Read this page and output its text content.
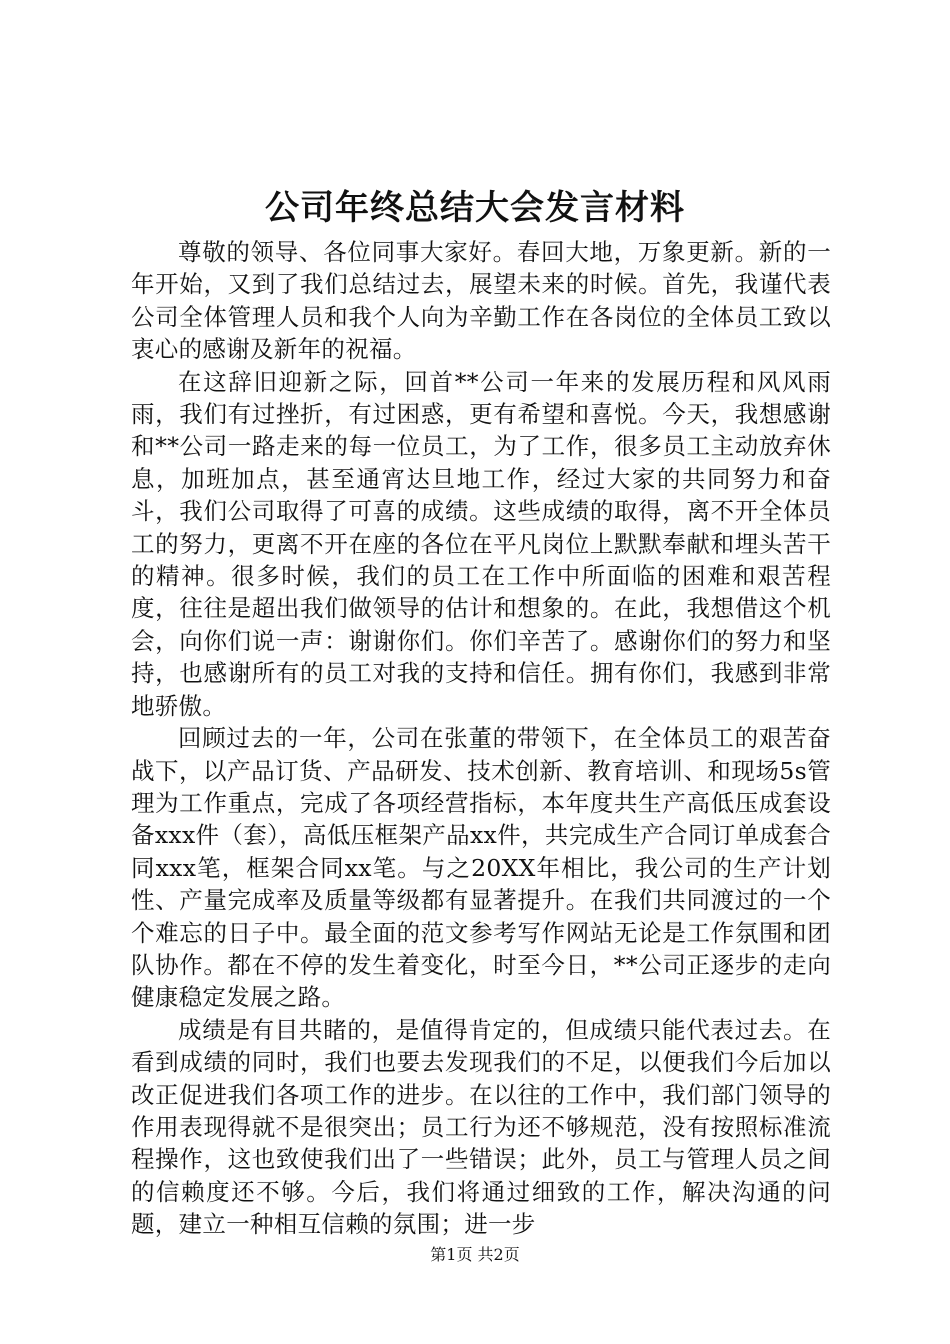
公司年终总结大会发言材料

尊敬的领导、各位同事大家好。春回大地，万象更新。新的一年开始，又到了我们总结过去，展望未来的时候。首先，我谨代表公司全体管理人员和我个人向为辛勤工作在各岗位的全体员工致以衷心的感谢及新年的祝福。

在这辞旧迎新之际，回首**公司一年来的发展历程和风风雨雨，我们有过挫折，有过困惑，更有希望和喜悦。今天，我想感谢和**公司一路走来的每一位员工，为了工作，很多员工主动放弃休息，加班加点，甚至通宵达旦地工作，经过大家的共同努力和奋斗，我们公司取得了可喜的成绩。这些成绩的取得，离不开全体员工的努力，更离不开在座的各位在平凡岗位上默默奉献和埋头苦干的精神。很多时候，我们的员工在工作中所面临的困难和艰苦程度，往往是超出我们做领导的估计和想象的。在此，我想借这个机会，向你们说一声：谢谢你们。你们辛苦了。感谢你们的努力和坚持，也感谢所有的员工对我的支持和信任。拥有你们，我感到非常地骄傲。

回顾过去的一年，公司在张董的带领下，在全体员工的艰苦奋战下，以产品订货、产品研发、技术创新、教育培训、和现场5s管理为工作重点，完成了各项经营指标，本年度共生产高低压成套设备xxx件（套），高低压框架产品xx件，共完成生产合同订单成套合同xxx笔，框架合同xx笔。与之20XX年相比，我公司的生产计划性、产量完成率及质量等级都有显著提升。在我们共同渡过的一个个难忘的日子中。最全面的范文参考写作网站无论是工作氛围和团队协作。都在不停的发生着变化，时至今日，**公司正逐步的走向健康稳定发展之路。

成绩是有目共睹的，是值得肯定的，但成绩只能代表过去。在看到成绩的同时，我们也要去发现我们的不足，以便我们今后加以改正促进我们各项工作的进步。在以往的工作中，我们部门领导的作用表现得就不是很突出；员工行为还不够规范，没有按照标准流程操作，这也致使我们出了一些错误；此外，员工与管理人员之间的信赖度还不够。今后，我们将通过细致的工作，解决沟通的问题，建立一种相互信赖的氛围；进一步

第1页 共2页
